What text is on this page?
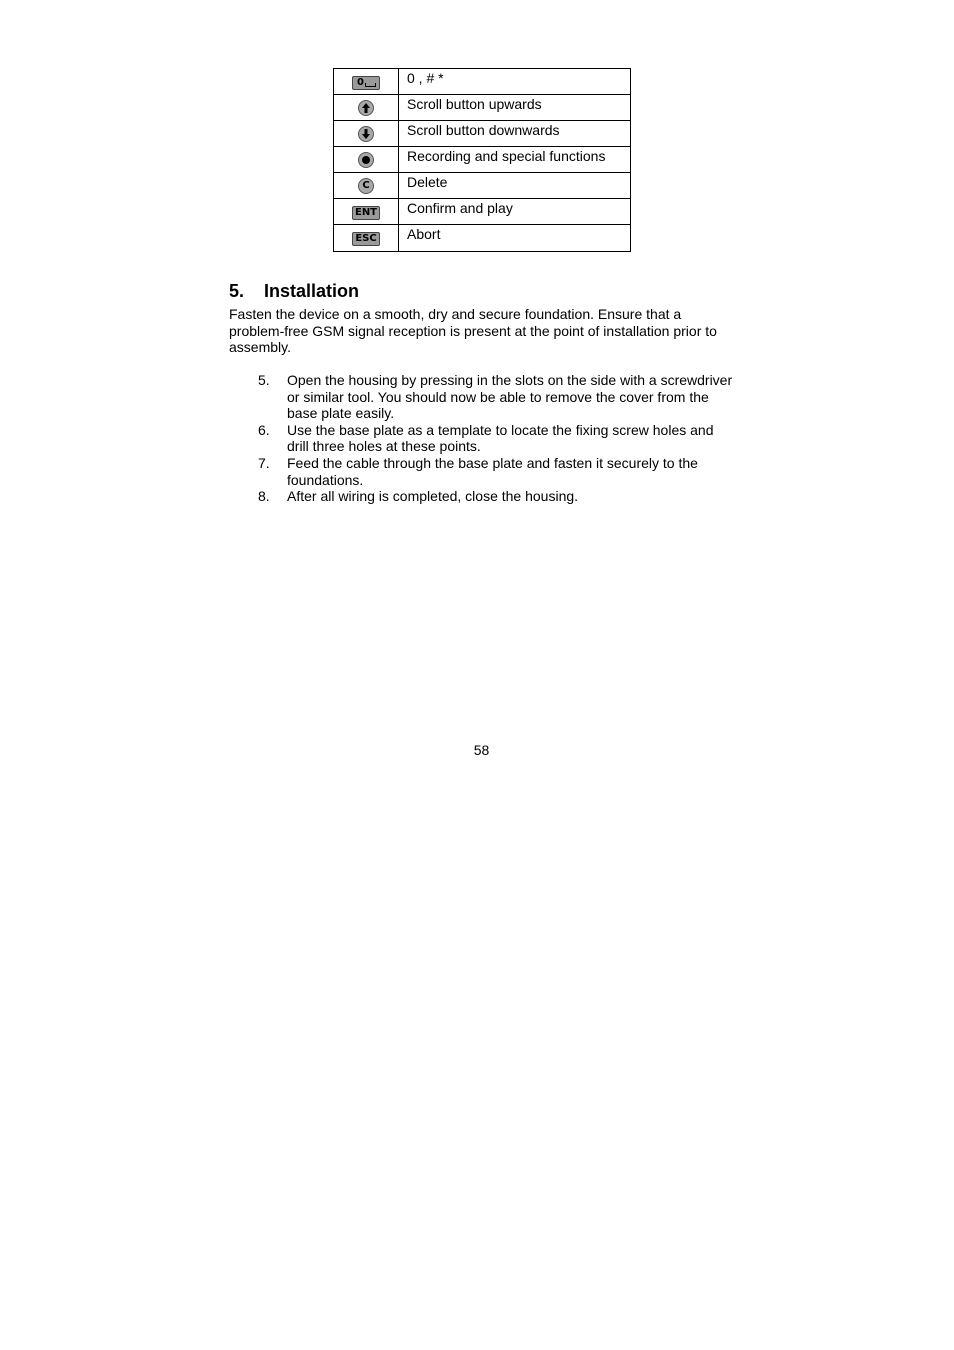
0	0 , # *

	Scroll button upwards

	Scroll button downwards

	Recording and special functions
C	Delete
ENT	Confirm and play
ESC	Abort
5. Installation

Fasten the device on a smooth, dry and secure foundation. Ensure that a problem-free GSM signal reception is present at the point of installation prior to assembly.

5. Open the housing by pressing in the slots on the side with a screwdriver or similar tool. You should now be able to remove the cover from the base plate easily.
6. Use the base plate as a template to locate the fixing screw holes and drill three holes at these points.
7. Feed the cable through the base plate and fasten it securely to the foundations.
8. After all wiring is completed, close the housing.
58
